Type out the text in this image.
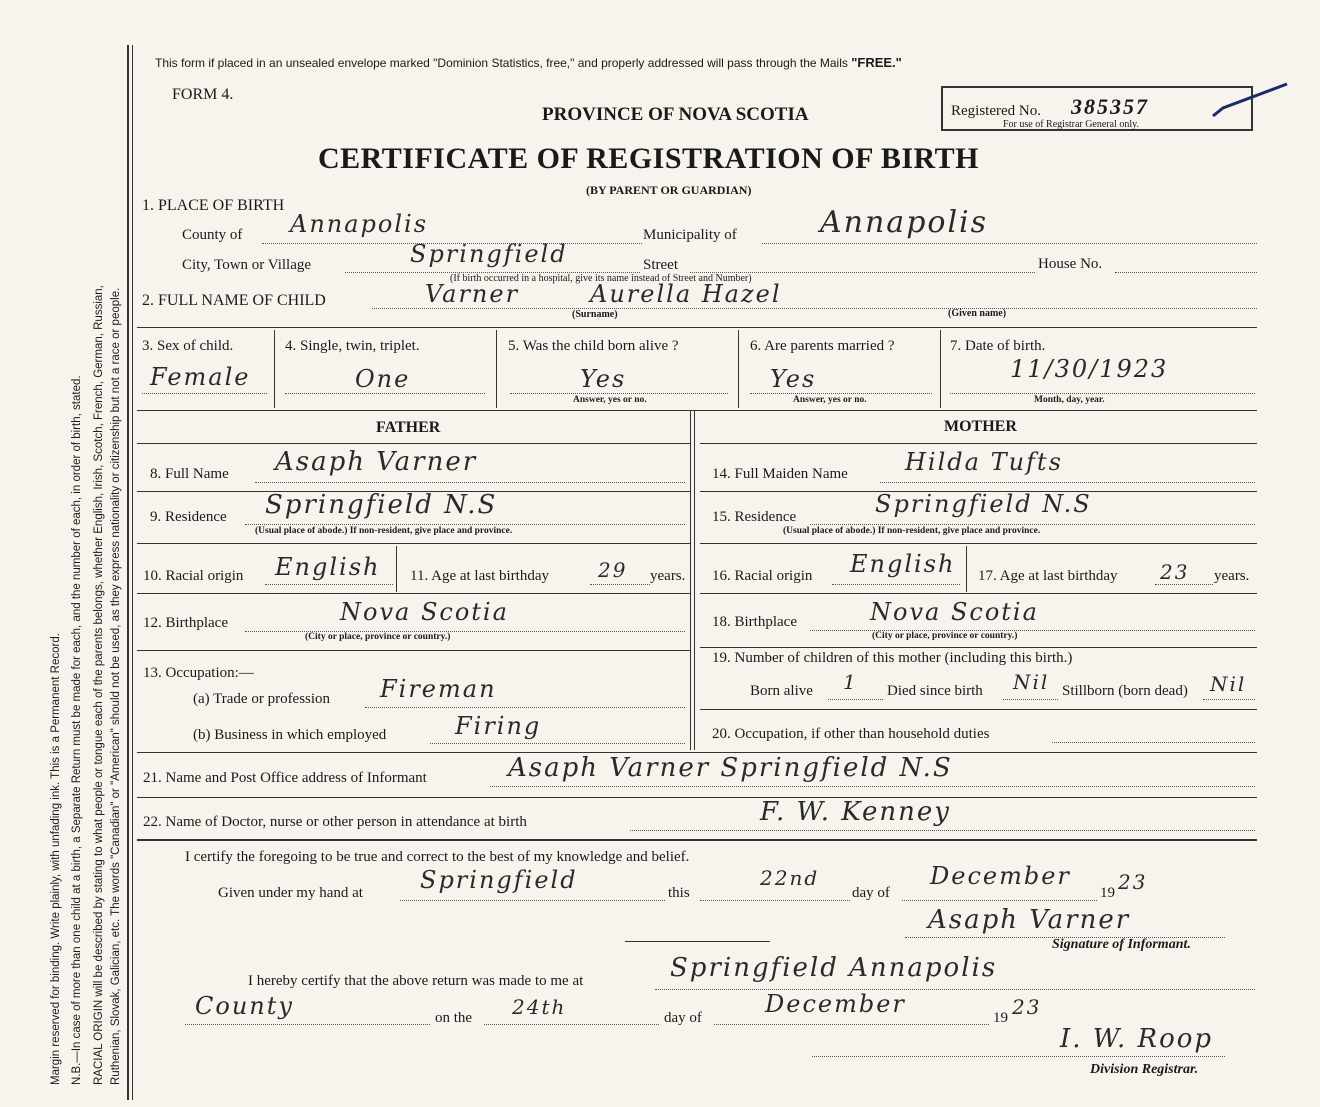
Margin reserved for binding. Write plainly, with unfading ink. This is a Permanent Record. N.B.—In case of more than one child at a birth, a Separate Return must be made for each, and the number of each, in order of birth, stated. RACIAL ORIGIN will be described by stating to what people or tongue each of the parents belongs, whether English, Irish, Scotch, French, German, Russian, Ruthenian, Slovak, Galician, etc. The words "Canadian" or "American" should not be used, as they express nationality or citizenship but not a race or people.
This form if placed in an unsealed envelope marked "Dominion Statistics, free," and properly addressed will pass through the Mails "FREE."
FORM 4.
PROVINCE OF NOVA SCOTIA
CERTIFICATE OF REGISTRATION OF BIRTH
(BY PARENT OR GUARDIAN)
Registered No. 385357
For use of Registrar General only.
1. PLACE OF BIRTH
County of Annapolis	Municipality of	Annapolis
City, Town or Village	Springfield	Street	House No.
(If birth occurred in a hospital, give its name instead of Street and Number)
2. FULL NAME OF CHILD	Varner	Aurella Hazel
(Surname)	(Given name)
3. Sex of child.
Female
4. Single, twin, triplet.
One
5. Was the child born alive ?
Yes
Answer, yes or no.
6. Are parents married ?
Yes
Answer, yes or no.
7. Date of birth.
11/30/1923
Month, day, year.
FATHER	MOTHER
8. Full Name Asaph Varner
9. Residence Springfield N.S
(Usual place of abode.) If non-resident, give place and province.
10. Racial origin English 11. Age at last birthday 29 years.
12. Birthplace	Nova Scotia
(City or place, province or country.)
13. Occupation:—
(a) Trade or profession Fireman
(b) Business in which employed	Firing
14. Full Maiden Name Hilda Tufts
15. Residence	Springfield N.S
(Usual place of abode.) If non-resident, give place and province.
16. Racial origin English 17. Age at last birthday 23 years.
18. Birthplace	Nova Scotia
(City or place, province or country.)
19. Number of children of this mother (including this birth.)
Born alive 1 Died since birth Nil Stillborn (born dead) Nil
20. Occupation, if other than household duties
21. Name and Post Office address of Informant	Asaph Varner Springfield N.S
22. Name of Doctor, nurse or other person in attendance at birth	F. W. Kenney
I certify the foregoing to be true and correct to the best of my knowledge and belief.
Given under my hand at Springfield	this
22nd
day of
December
19 23
Asaph Varner
Signature of Informant.
I hereby certify that the above return was made to me at	Springfield Annapolis
County	on the 24th	day of	December	19 23
I. W. Roop
Division Registrar.
